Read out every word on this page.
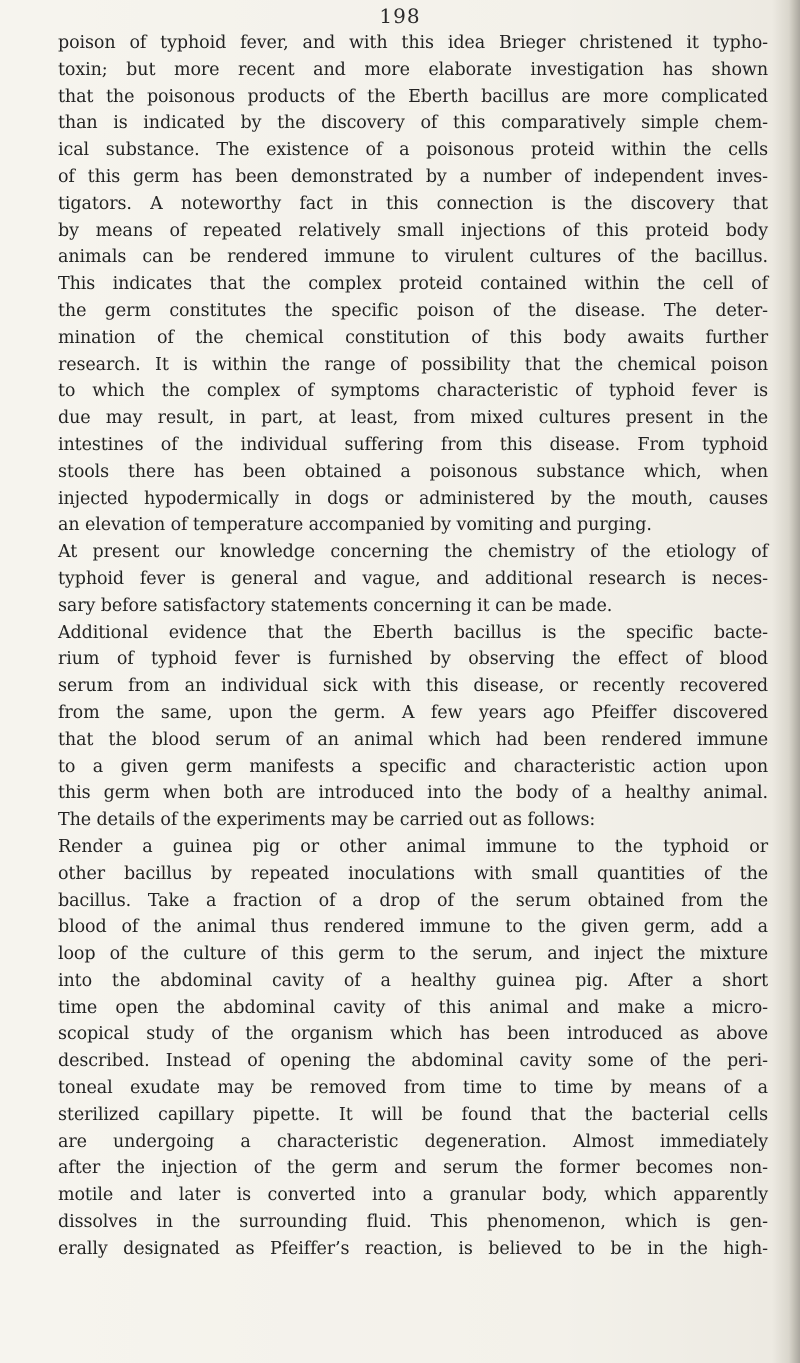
198
poison of typhoid fever, and with this idea Brieger christened it typho-
toxin; but more recent and more elaborate investigation has shown
that the poisonous products of the Eberth bacillus are more complicated
than is indicated by the discovery of this comparatively simple chem-
ical substance. The existence of a poisonous proteid within the cells
of this germ has been demonstrated by a number of independent inves-
tigators. A noteworthy fact in this connection is the discovery that
by means of repeated relatively small injections of this proteid body
animals can be rendered immune to virulent cultures of the bacillus.
This indicates that the complex proteid contained within the cell of
the germ constitutes the specific poison of the disease. The deter-
mination of the chemical constitution of this body awaits further
research. It is within the range of possibility that the chemical poison
to which the complex of symptoms characteristic of typhoid fever is
due may result, in part, at least, from mixed cultures present in the
intestines of the individual suffering from this disease. From typhoid
stools there has been obtained a poisonous substance which, when
injected hypodermically in dogs or administered by the mouth, causes
an elevation of temperature accompanied by vomiting and purging.
At present our knowledge concerning the chemistry of the etiology of
typhoid fever is general and vague, and additional research is neces-
sary before satisfactory statements concerning it can be made.
Additional evidence that the Eberth bacillus is the specific bacte-
rium of typhoid fever is furnished by observing the effect of blood
serum from an individual sick with this disease, or recently recovered
from the same, upon the germ. A few years ago Pfeiffer discovered
that the blood serum of an animal which had been rendered immune
to a given germ manifests a specific and characteristic action upon
this germ when both are introduced into the body of a healthy animal.
The details of the experiments may be carried out as follows:
Render a guinea pig or other animal immune to the typhoid or
other bacillus by repeated inoculations with small quantities of the
bacillus. Take a fraction of a drop of the serum obtained from the
blood of the animal thus rendered immune to the given germ, add a
loop of the culture of this germ to the serum, and inject the mixture
into the abdominal cavity of a healthy guinea pig. After a short
time open the abdominal cavity of this animal and make a micro-
scopical study of the organism which has been introduced as above
described. Instead of opening the abdominal cavity some of the peri-
toneal exudate may be removed from time to time by means of a
sterilized capillary pipette. It will be found that the bacterial cells
are undergoing a characteristic degeneration. Almost immediately
after the injection of the germ and serum the former becomes non-
motile and later is converted into a granular body, which apparently
dissolves in the surrounding fluid. This phenomenon, which is gen-
erally designated as Pfeiffer’s reaction, is believed to be in the high-
